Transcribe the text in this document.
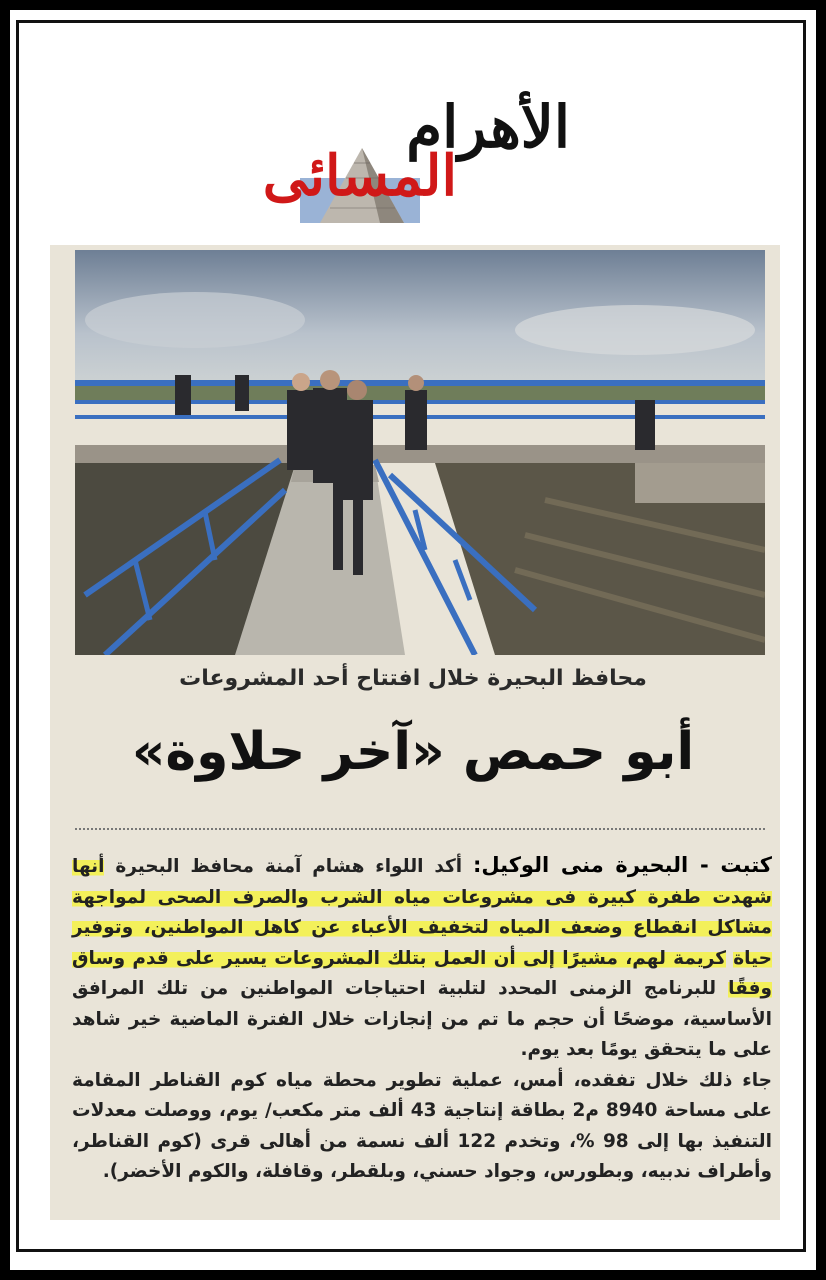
الأهرام
المسائى
محافظ البحيرة خلال افتتاح أحد المشروعات
أبو حمص «آخر حلاوة»

كتبت - البحيرة منى الوكيل: أكد اللواء هشام آمنة محافظ البحيرة أنها شهدت طفرة كبيرة فى مشروعات مياه الشرب والصرف الصحى لمواجهة مشاكل انقطاع وضعف المياه لتخفيف الأعباء عن كاهل المواطنين، وتوفير حياة كريمة لهم، مشيرًا إلى أن العمل بتلك المشروعات يسير على قدم وساق وفقًا للبرنامج الزمنى المحدد لتلبية احتياجات المواطنين من تلك المرافق الأساسية، موضحًا أن حجم ما تم من إنجازات خلال الفترة الماضية خير شاهد على ما يتحقق يومًا بعد يوم.

جاء ذلك خلال تفقده، أمس، عملية تطوير محطة مياه كوم القناطر المقامة على مساحة 8940 م2 بطاقة إنتاجية 43 ألف متر مكعب/ يوم، ووصلت معدلات التنفيذ بها إلى 98 %، وتخدم 122 ألف نسمة من أهالى قرى (كوم القناطر، وأطراف ندبيه، وبطورس، وجواد حسني، وبلقطر، وقافلة، والكوم الأخضر).
